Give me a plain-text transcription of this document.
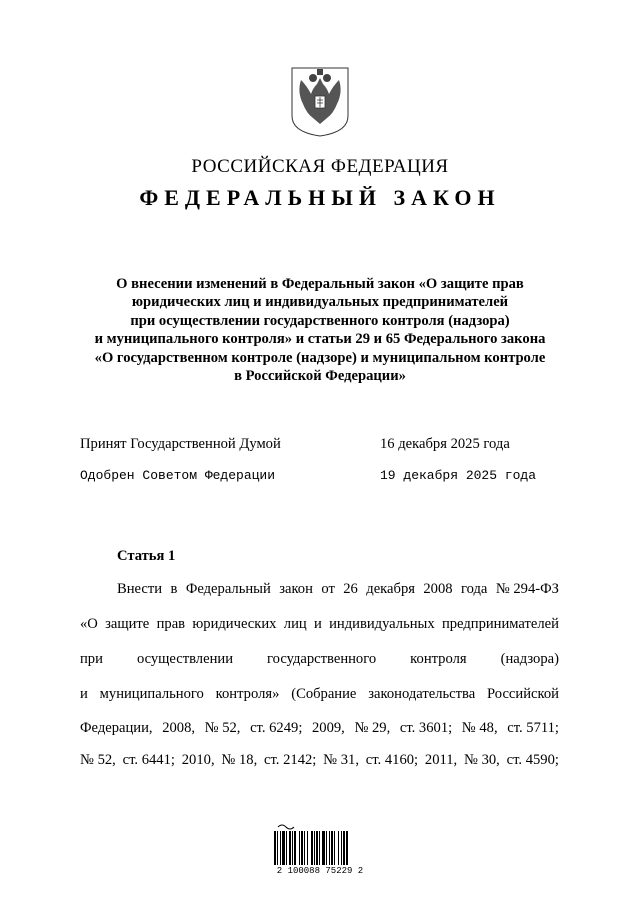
РОССИЙСКАЯ ФЕДЕРАЦИЯ
ФЕДЕРАЛЬНЫЙ ЗАКОН
О внесении изменений в Федеральный закон «О защите прав
юридических лиц и индивидуальных предпринимателей
при осуществлении государственного контроля (надзора)
и муниципального контроля» и статьи 29 и 65 Федерального закона
«О государственном контроле (надзоре) и муниципальном контроле
в Российской Федерации»
Принят Государственной Думой	16 декабря 2025 года
Одобрен Советом Федерации	19 декабря 2025 года
Статья 1
Внести в Федеральный закон от 26 декабря 2008 года № 294-ФЗ
«О защите прав юридических лиц и индивидуальных предпринимателей
при осуществлении государственного контроля (надзора)
и муниципального контроля» (Собрание законодательства Российской
Федерации, 2008, № 52, ст. 6249; 2009, № 29, ст. 3601; № 48, ст. 5711;
№ 52, ст. 6441; 2010, № 18, ст. 2142; № 31, ст. 4160; 2011, № 30, ст. 4590;
2 100088 75229 2
